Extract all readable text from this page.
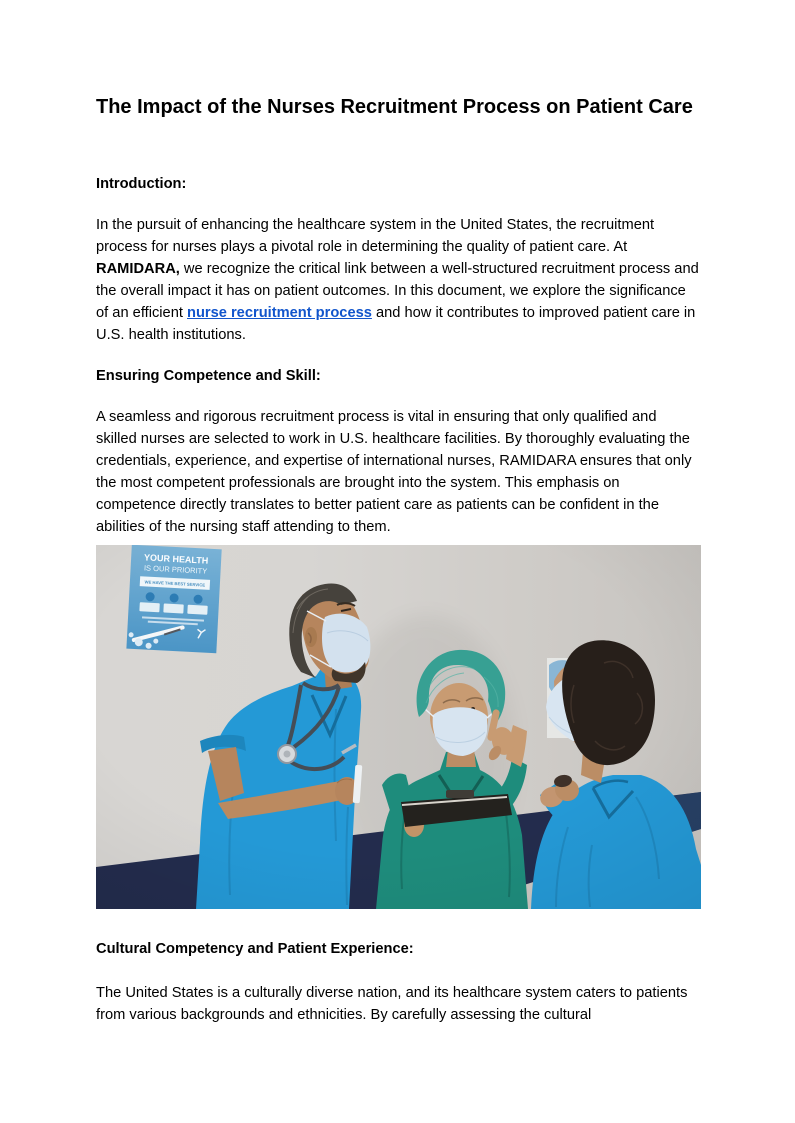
The Impact of the Nurses Recruitment Process on Patient Care
Introduction:

In the pursuit of enhancing the healthcare system in the United States, the recruitment process for nurses plays a pivotal role in determining the quality of patient care. At RAMIDARA, we recognize the critical link between a well-structured recruitment process and the overall impact it has on patient outcomes. In this document, we explore the significance of an efficient nurse recruitment process and how it contributes to improved patient care in U.S. health institutions.

Ensuring Competence and Skill:

A seamless and rigorous recruitment process is vital in ensuring that only qualified and skilled nurses are selected to work in U.S. healthcare facilities. By thoroughly evaluating the credentials, experience, and expertise of international nurses, RAMIDARA ensures that only the most competent professionals are brought into the system. This emphasis on competence directly translates to better patient care as patients can be confident in the abilities of the nursing staff attending to them.

Cultural Competency and Patient Experience:

The United States is a culturally diverse nation, and its healthcare system caters to patients from various backgrounds and ethnicities. By carefully assessing the cultural
